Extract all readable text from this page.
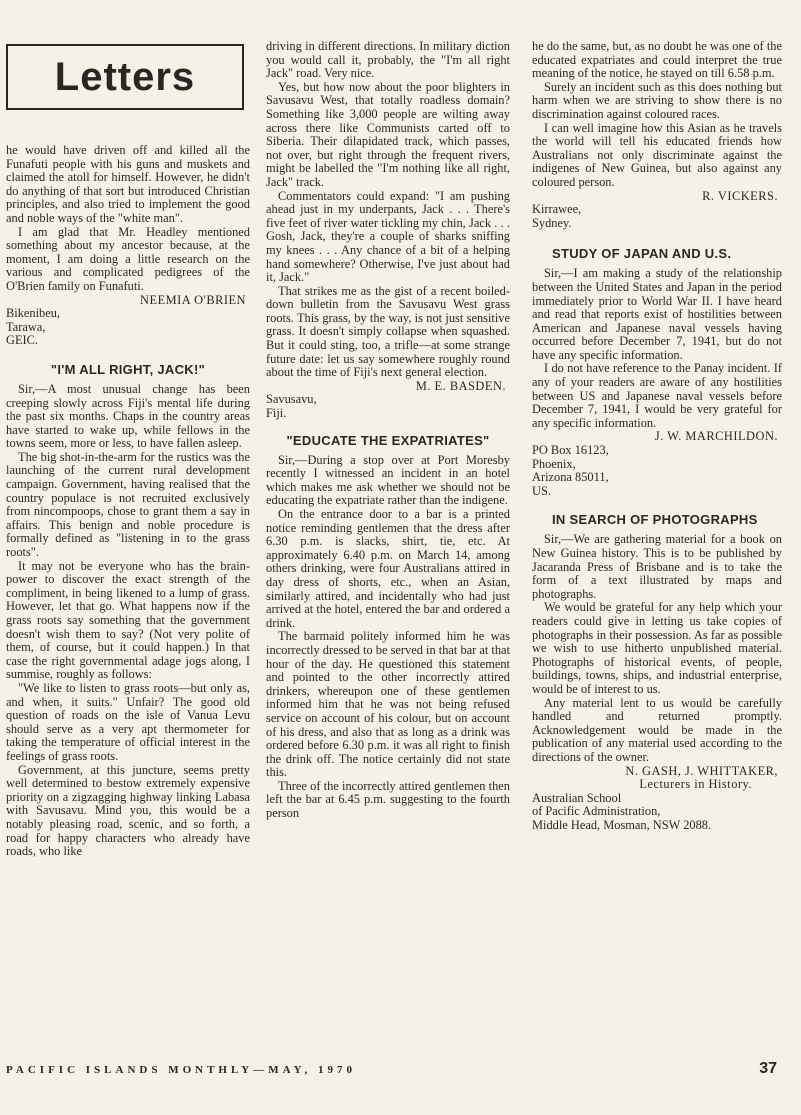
Letters

he would have driven off and killed all the Funafuti people with his guns and muskets and claimed the atoll for himself. However, he didn't do anything of that sort but introduced Christian principles, and also tried to implement the good and noble ways of the "white man".

I am glad that Mr. Headley mentioned something about my ancestor because, at the moment, I am doing a little research on the various and complicated pedigrees of the O'Brien family on Funafuti.

NEEMIA O'BRIEN
Bikenibeu,
Tarawa,
GEIC.
"I'M ALL RIGHT, JACK!"

Sir,—A most unusual change has been creeping slowly across Fiji's mental life during the past six months. Chaps in the country areas have started to wake up, while fellows in the towns seem, more or less, to have fallen asleep.

The big shot-in-the-arm for the rustics was the launching of the current rural development campaign. Government, having realised that the country populace is not recruited exclusively from nincompoops, chose to grant them a say in affairs. This benign and noble procedure is formally defined as "listening in to the grass roots".

It may not be everyone who has the brain-power to discover the exact strength of the compliment, in being likened to a lump of grass. However, let that go. What happens now if the grass roots say something that the government doesn't wish them to say? (Not very polite of them, of course, but it could happen.) In that case the right governmental adage jogs along, I summise, roughly as follows:

"We like to listen to grass roots—but only as, and when, it suits." Unfair? The good old question of roads on the isle of Vanua Levu should serve as a very apt thermometer for taking the temperature of official interest in the feelings of grass roots.

Government, at this juncture, seems pretty well determined to bestow extremely expensive priority on a zigzagging highway linking Labasa with Savusavu. Mind you, this would be a notably pleasing road, scenic, and so forth, a road for happy characters who already have roads, who like

driving in different directions. In military diction you would call it, probably, the "I'm all right Jack" road. Very nice.

Yes, but how now about the poor blighters in Savusavu West, that totally roadless domain? Something like 3,000 people are wilting away across there like Communists carted off to Siberia. Their dilapidated track, which passes, not over, but right through the frequent rivers, might be labelled the "I'm nothing like all right, Jack" track.

Commentators could expand: "I am pushing ahead just in my underpants, Jack . . . There's five feet of river water tickling my chin, Jack . . . Gosh, Jack, they're a couple of sharks sniffing my knees . . . Any chance of a bit of a helping hand somewhere? Otherwise, I've just about had it, Jack."

That strikes me as the gist of a recent boiled-down bulletin from the Savusavu West grass roots. This grass, by the way, is not just sensitive grass. It doesn't simply collapse when squashed. But it could sting, too, a trifle—at some strange future date: let us say somewhere roughly round about the time of Fiji's next general election.

M. E. BASDEN.
Savusavu,
Fiji.
"EDUCATE THE EXPATRIATES"

Sir,—During a stop over at Port Moresby recently I witnessed an incident in an hotel which makes me ask whether we should not be educating the expatriate rather than the indigene.

On the entrance door to a bar is a printed notice reminding gentlemen that the dress after 6.30 p.m. is slacks, shirt, tie, etc. At approximately 6.40 p.m. on March 14, among others drinking, were four Australians attired in day dress of shorts, etc., when an Asian, similarly attired, and incidentally who had just arrived at the hotel, entered the bar and ordered a drink.

The barmaid politely informed him he was incorrectly dressed to be served in that bar at that hour of the day. He questioned this statement and pointed to the other incorrectly attired drinkers, whereupon one of these gentlemen informed him that he was not being refused service on account of his colour, but on account of his dress, and also that as long as a drink was ordered before 6.30 p.m. it was all right to finish the drink off. The notice certainly did not state this.

Three of the incorrectly attired gentlemen then left the bar at 6.45 p.m. suggesting to the fourth person

he do the same, but, as no doubt he was one of the educated expatriates and could interpret the true meaning of the notice, he stayed on till 6.58 p.m.

Surely an incident such as this does nothing but harm when we are striving to show there is no discrimination against coloured races.

I can well imagine how this Asian as he travels the world will tell his educated friends how Australians not only discriminate against the indigenes of New Guinea, but also against any coloured person.

R. VICKERS.
Kirrawee,
Sydney.
STUDY OF JAPAN AND U.S.

Sir,—I am making a study of the relationship between the United States and Japan in the period immediately prior to World War II. I have heard and read that reports exist of hostilities between American and Japanese naval vessels having occurred before December 7, 1941, but do not have any specific information.

I do not have reference to the Panay incident. If any of your readers are aware of any hostilities between US and Japanese naval vessels before December 7, 1941, I would be very grateful for any specific information.

J. W. MARCHILDON.
PO Box 16123,
Phoenix,
Arizona 85011,
US.
IN SEARCH OF PHOTOGRAPHS

Sir,—We are gathering material for a book on New Guinea history. This is to be published by Jacaranda Press of Brisbane and is to take the form of a text illustrated by maps and photographs.

We would be grateful for any help which your readers could give in letting us take copies of photographs in their possession. As far as possible we wish to use hitherto unpublished material. Photographs of historical events, of people, buildings, towns, ships, and industrial enterprise, would be of interest to us.

Any material lent to us would be carefully handled and returned promptly. Acknowledgement would be made in the publication of any material used according to the directions of the owner.

N. GASH, J. WHITTAKER,
Lecturers in History.
Australian School
of Pacific Administration,
Middle Head, Mosman, NSW 2088.
PACIFIC ISLANDS MONTHLY—MAY, 1970	37
